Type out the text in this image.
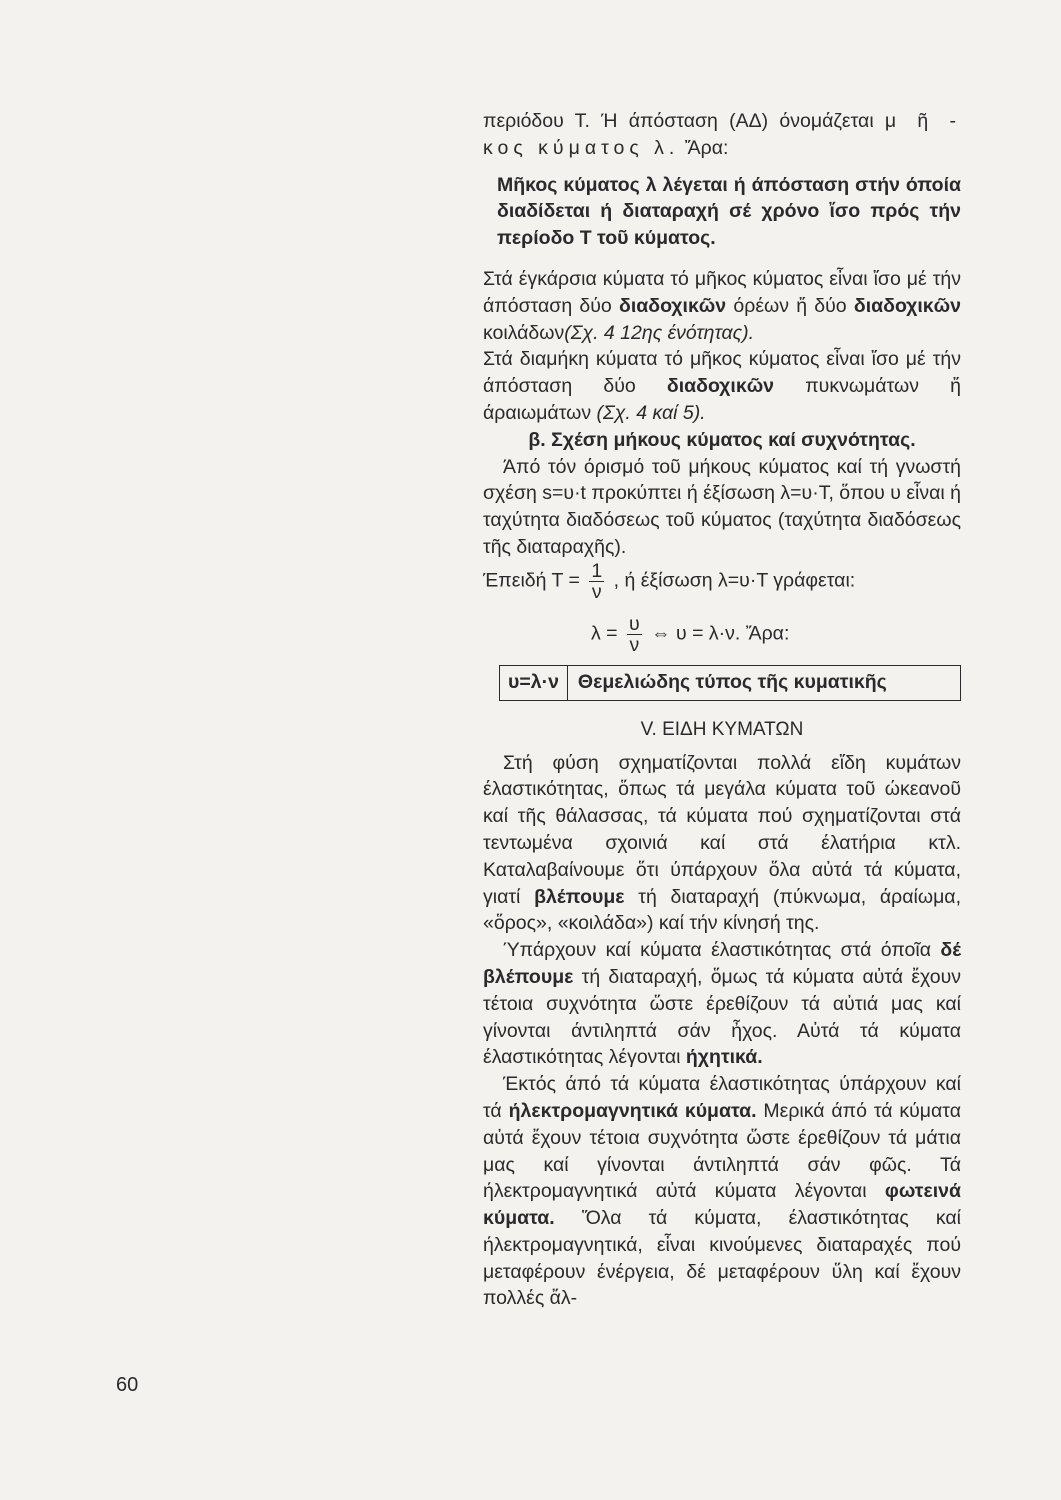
περιόδου Τ. Ή άπόσταση (ΑΔ) όνομάζεται μ ῆ - κος κύματος λ. Ἄρα:

Μῆκος κύματος λ λέγεται ή άπόσταση στήν όποία διαδίδεται ή διαταραχή σέ χρόνο ἴσο πρός τήν περίοδο Τ τοῦ κύματος.

Στά έγκάρσια κύματα τό μῆκος κύματος εἶναι ἴσο μέ τήν άπόσταση δύο διαδοχικῶν όρέων ἤ δύο διαδοχικῶν κοιλάδων(Σχ. 4 12ης ένότητας).

Στά διαμήκη κύματα τό μῆκος κύματος εἶναι ἴσο μέ τήν άπόσταση δύο διαδοχικῶν πυκνωμάτων ἤ άραιωμάτων (Σχ. 4 καί 5).

β. Σχέση μήκους κύματος καί συχνότητας.

Άπό τόν όρισμό τοῦ μήκους κύματος καί τή γνωστή σχέση s=υ·t προκύπτει ή έξίσωση λ=υ·Τ, ὅπου υ εἶναι ή ταχύτητα διαδόσεως τοῦ κύματος (ταχύτητα διαδόσεως τῆς διαταραχῆς).

Έπειδή $T = \frac{1}{\nu}$ , ή έξίσωση λ=υ·Τ γράφεται:

$\lambda = \frac{\upsilon}{\nu}$ ⇔ υ = λ·ν. Ἄρα:

υ=λ·ν Θεμελιώδης τύπος τῆς κυματικῆς

V. ΕΙΔΗ ΚΥΜΑΤΩΝ

Στή φύση σχηματίζονται πολλά εἴδη κυμάτων έλαστικότητας, ὅπως τά μεγάλα κύματα τοῦ ώκεανοῦ καί τῆς θάλασσας, τά κύματα πού σχηματίζονται στά τεντωμένα σχοινιά καί στά έλατήρια κτλ. Καταλαβαίνουμε ὅτι ύπάρχουν ὅλα αὐτά τά κύματα, γιατί βλέπουμε τή διαταραχή (πύκνωμα, άραίωμα, «ὅρος», «κοιλάδα») καί τήν κίνησή της.

Ύπάρχουν καί κύματα έλαστικότητας στά όποῖα δέ βλέπουμε τή διαταραχή, ὅμως τά κύματα αὐτά ἔχουν τέτοια συχνότητα ὥστε έρεθίζουν τά αὐτιά μας καί γίνονται άντιληπτά σάν ἦχος. Αὐτά τά κύματα έλαστικότητας λέγονται ήχητικά.

Έκτός άπό τά κύματα έλαστικότητας ύπάρχουν καί τά ήλεκτρομαγνητικά κύματα. Μερικά άπό τά κύματα αὐτά ἔχουν τέτοια συχνότητα ὥστε έρεθίζουν τά μάτια μας καί γίνονται άντιληπτά σάν φῶς. Τά ήλεκτρομαγνητικά αὐτά κύματα λέγονται φωτεινά κύματα. Ὅλα τά κύματα, έλαστικότητας καί ήλεκτρομαγνητικά, εἶναι κινούμενες διαταραχές πού μεταφέρουν ένέργεια, δέ μεταφέρουν ὕλη καί ἔχουν πολλές ἄλ-

60
